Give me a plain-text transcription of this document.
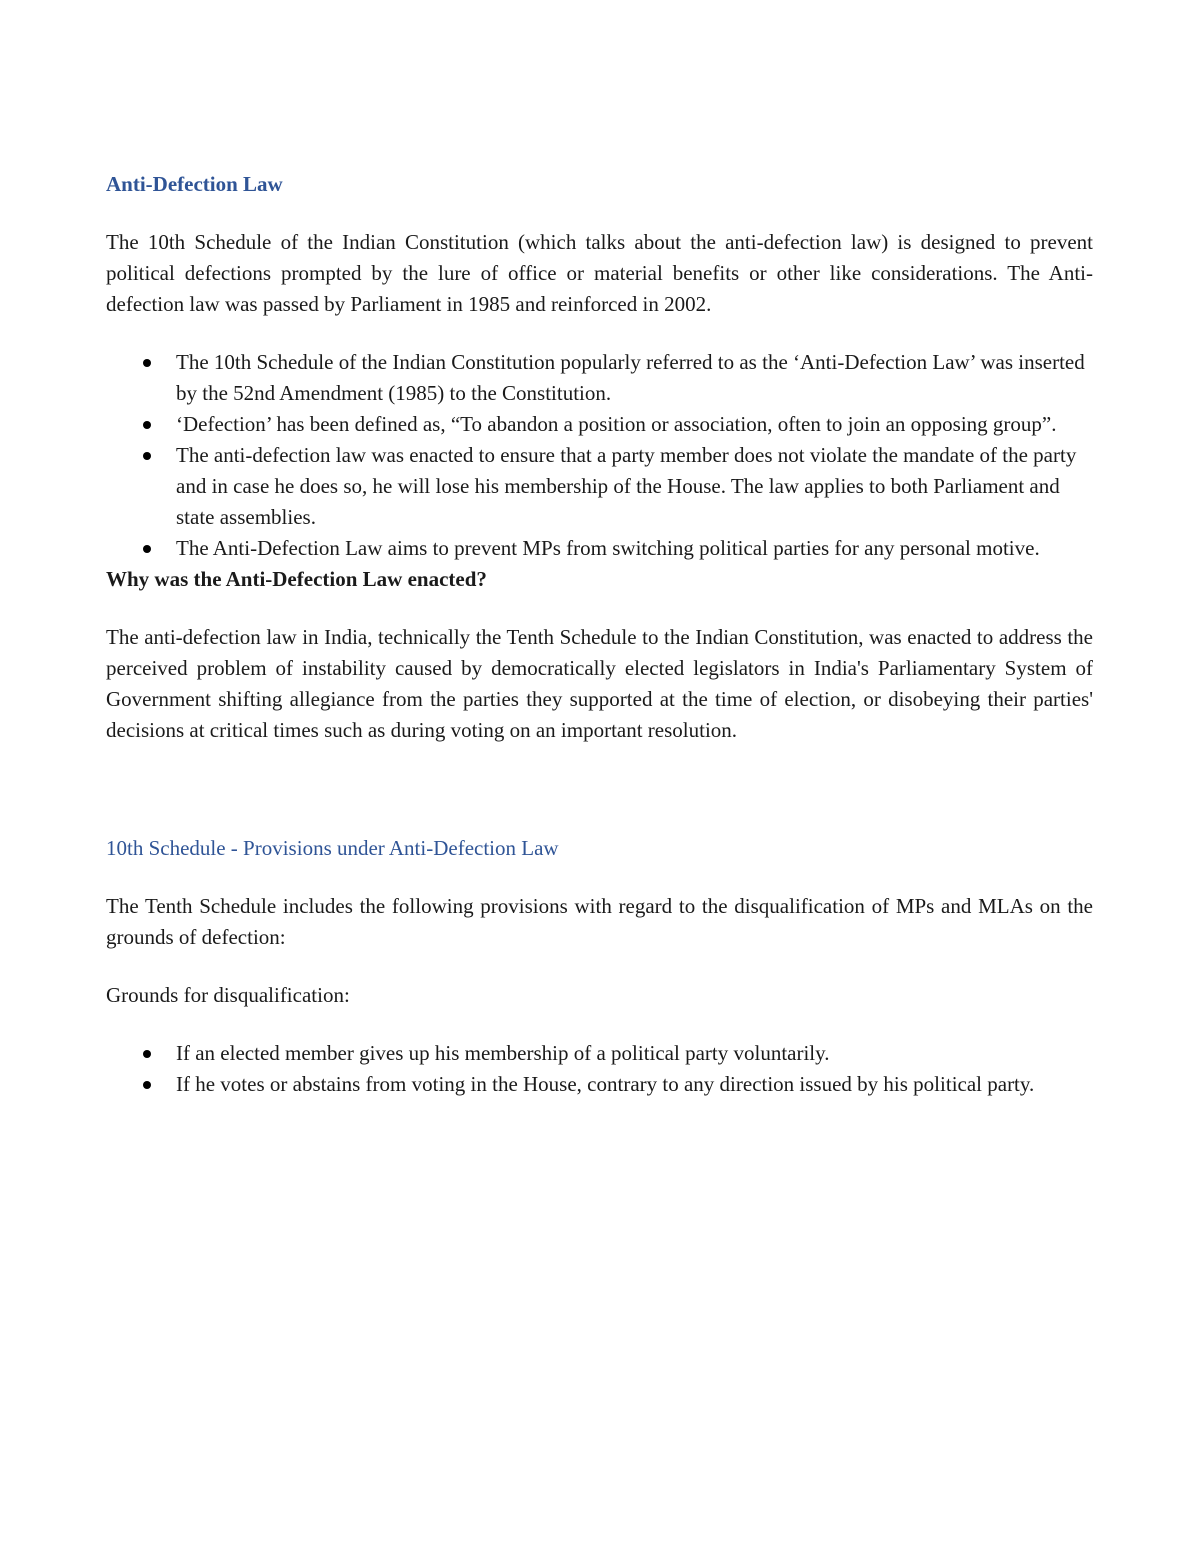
Anti-Defection Law
The 10th Schedule of the Indian Constitution (which talks about the anti-defection law) is designed to prevent political defections prompted by the lure of office or material benefits or other like considerations. The Anti-defection law was passed by Parliament in 1985 and reinforced in 2002.
The 10th Schedule of the Indian Constitution popularly referred to as the ‘Anti-Defection Law’ was inserted by the 52nd Amendment (1985) to the Constitution.
‘Defection’ has been defined as, “To abandon a position or association, often to join an opposing group”.
The anti-defection law was enacted to ensure that a party member does not violate the mandate of the party and in case he does so, he will lose his membership of the House. The law applies to both Parliament and state assemblies.
The Anti-Defection Law aims to prevent MPs from switching political parties for any personal motive.
Why was the Anti-Defection Law enacted?
The anti-defection law in India, technically the Tenth Schedule to the Indian Constitution, was enacted to address the perceived problem of instability caused by democratically elected legislators in India's Parliamentary System of Government shifting allegiance from the parties they supported at the time of election, or disobeying their parties' decisions at critical times such as during voting on an important resolution.
10th Schedule - Provisions under Anti-Defection Law
The Tenth Schedule includes the following provisions with regard to the disqualification of MPs and MLAs on the grounds of defection:
Grounds for disqualification:
If an elected member gives up his membership of a political party voluntarily.
If he votes or abstains from voting in the House, contrary to any direction issued by his political party.
